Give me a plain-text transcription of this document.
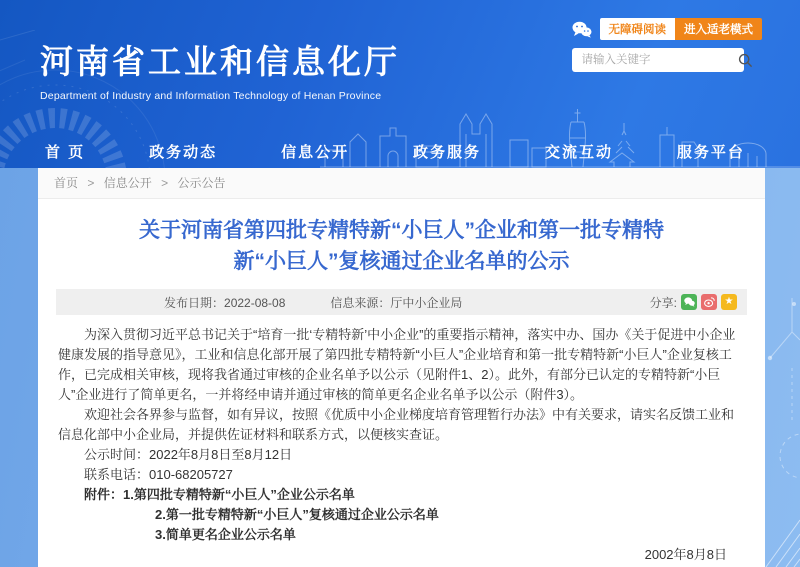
河南省工业和信息化厅
Department of Industry and Information Technology of Henan Province
无障碍阅读	进入适老模式
请输入关键字
首 页	政务动态	信息公开	政务服务	交流互动	服务平台
首页 > 信息公开 > 公示公告
关于河南省第四批专精特新“小巨人”企业和第一批专精特
新“小巨人”复核通过企业名单的公示
发布日期：2022-08-08	信息来源：厅中小企业局	分享:	★

为深入贯彻习近平总书记关于“培育一批‘专精特新’中小企业”的重要指示精神，落实中办、国办《关于促进中小企业健康发展的指导意见》，工业和信息化部开展了第四批专精特新“小巨人”企业培育和第一批专精特新“小巨人”企业复核工作，已完成相关审核，现将我省通过审核的企业名单予以公示（见附件1、2）。此外，有部分已认定的专精特新“小巨人”企业进行了简单更名，一并将经申请并通过审核的简单更名企业名单予以公示（附件3）。

欢迎社会各界参与监督，如有异议，按照《优质中小企业梯度培育管理暂行办法》中有关要求，请实名反馈工业和信息化部中小企业局，并提供佐证材料和联系方式，以便核实查证。

公示时间：2022年8月8日至8月12日

联系电话：010-68205727

附件：1.第四批专精特新“小巨人”企业公示名单

2.第一批专精特新“小巨人”复核通过企业公示名单

3.简单更名企业公示名单

2002年8月8日
